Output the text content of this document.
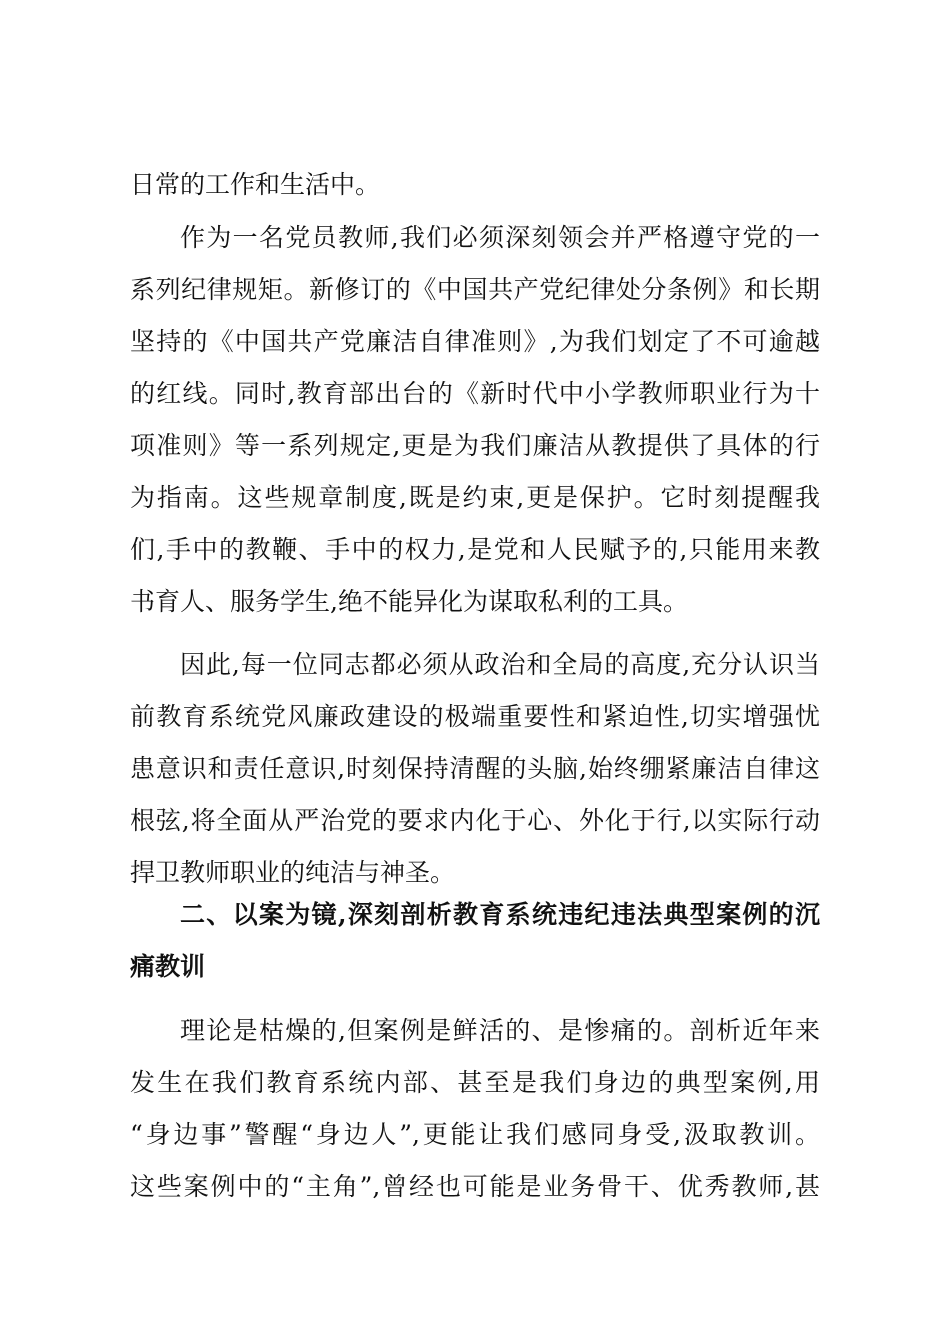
日常的工作和生活中。
作为一名党员教师,我们必须深刻领会并严格遵守党的一
系列纪律规矩。新修订的《中国共产党纪律处分条例》和长期
坚持的《中国共产党廉洁自律准则》,为我们划定了不可逾越
的红线。同时,教育部出台的《新时代中小学教师职业行为十
项准则》等一系列规定,更是为我们廉洁从教提供了具体的行
为指南。这些规章制度,既是约束,更是保护。它时刻提醒我
们,手中的教鞭、手中的权力,是党和人民赋予的,只能用来教
书育人、服务学生,绝不能异化为谋取私利的工具。
因此,每一位同志都必须从政治和全局的高度,充分认识当
前教育系统党风廉政建设的极端重要性和紧迫性,切实增强忧
患意识和责任意识,时刻保持清醒的头脑,始终绷紧廉洁自律这
根弦,将全面从严治党的要求内化于心、外化于行,以实际行动
捍卫教师职业的纯洁与神圣。
二、以案为镜,深刻剖析教育系统违纪违法典型案例的沉
痛教训
理论是枯燥的,但案例是鲜活的、是惨痛的。剖析近年来
发生在我们教育系统内部、甚至是我们身边的典型案例,用
“身边事”警醒“身边人”,更能让我们感同身受,汲取教训。
这些案例中的“主角”,曾经也可能是业务骨干、优秀教师,甚
